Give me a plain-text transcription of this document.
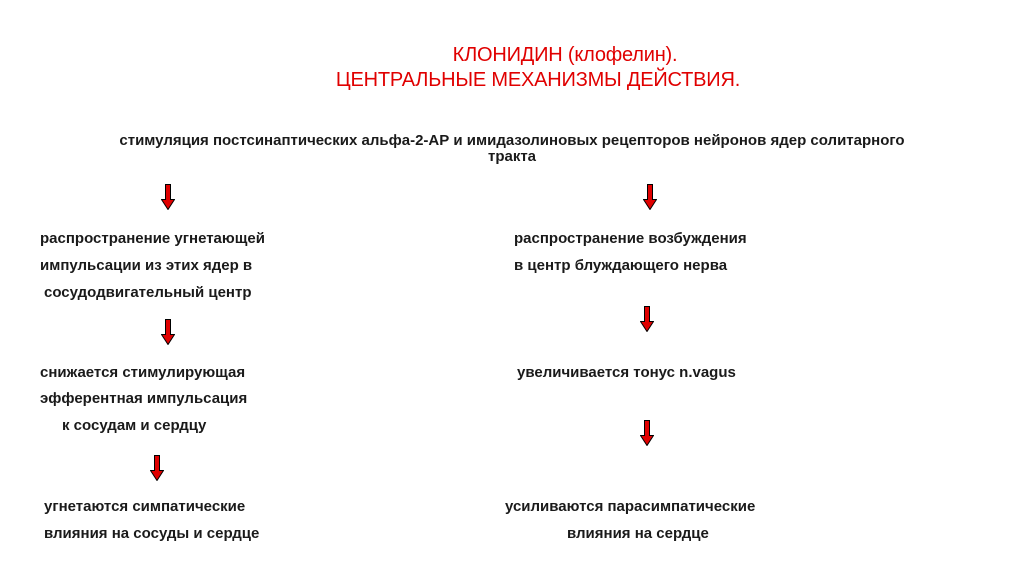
КЛОНИДИН (клофелин).
ЦЕНТРАЛЬНЫЕ МЕХАНИЗМЫ ДЕЙСТВИЯ.
стимуляция постсинаптических альфа-2-АР и имидазолиновых рецепторов нейронов ядер солитарного
тракта
распространение угнетающей
импульсации из этих ядер в
сосудодвигательный центр
снижается стимулирующая
эфферентная импульсация
к сосудам и сердцу
угнетаются симпатические
влияния на сосуды и сердце
распространение возбуждения
в центр блуждающего нерва
увеличивается тонус n.vagus
усиливаются парасимпатические
влияния на сердце
